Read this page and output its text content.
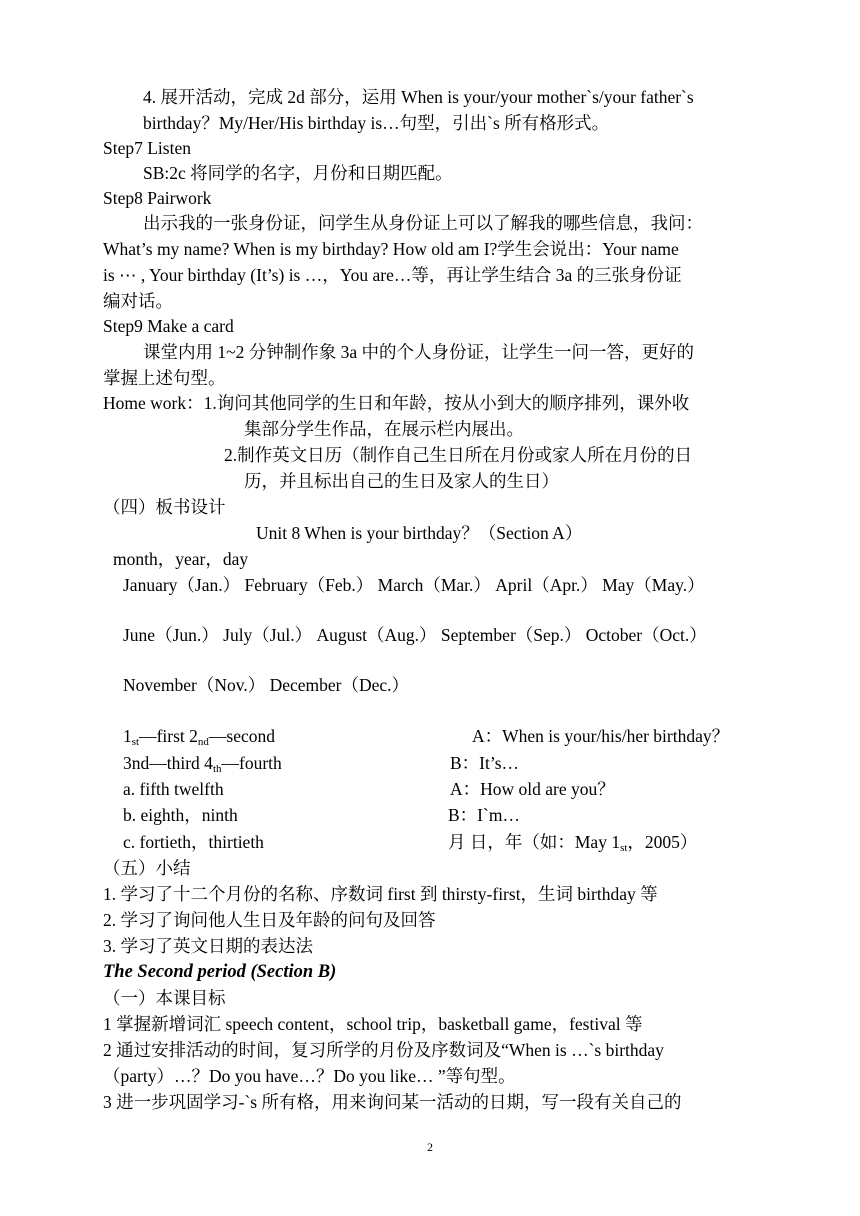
4. 展开活动，完成 2d 部分，运用 When is your/your mother`s/your father`s
birthday？My/Her/His birthday is…句型，引出`s 所有格形式。
Step7 Listen
SB:2c 将同学的名字，月份和日期匹配。
Step8 Pairwork
出示我的一张身份证，问学生从身份证上可以了解我的哪些信息，我问：
What’s my name? When is my birthday? How old am I?学生会说出：Your name
is ⋯ , Your birthday (It’s) is …，You are…等，再让学生结合 3a 的三张身份证
编对话。
Step9 Make a card
课堂内用 1~2 分钟制作象 3a 中的个人身份证，让学生一问一答，更好的
掌握上述句型。
Home work：1.询问其他同学的生日和年龄，按从小到大的顺序排列，课外收
集部分学生作品，在展示栏内展出。
2.制作英文日历（制作自己生日所在月份或家人所在月份的日
历，并且标出自己的生日及家人的生日）
（四）板书设计
Unit 8 When is your birthday？（Section A）
month，year，day
January（Jan.） February（Feb.） March（Mar.） April（Apr.） May（May.）
June（Jun.） July（Jul.） August（Aug.） September（Sep.） October（Oct.）
November（Nov.） December（Dec.）
$1_{st}—first$ $2_{nd}—second$	A：When is your/his/her birthday？
3nd—third $4_{th}—fourth$	B：It’s…
a. fifth twelfth	A：How old are you？
b. eighth，ninth	B：I`m…
c. fortieth，thirtieth	月 日，年（如：May $1_{st}$，2005）
（五）小结
1. 学习了十二个月份的名称、序数词 first 到 thirsty-first，生词 birthday 等
2. 学习了询问他人生日及年龄的问句及回答
3. 学习了英文日期的表达法
The Second period (Section B)
（一）本课目标
1 掌握新增词汇 speech content，school trip，basketball game，festival 等
2 通过安排活动的时间，复习所学的月份及序数词及“When is …`s birthday
（party）…？Do you have…？Do you like… ”等句型。
3 进一步巩固学习-`s 所有格，用来询问某一活动的日期，写一段有关自己的
2
